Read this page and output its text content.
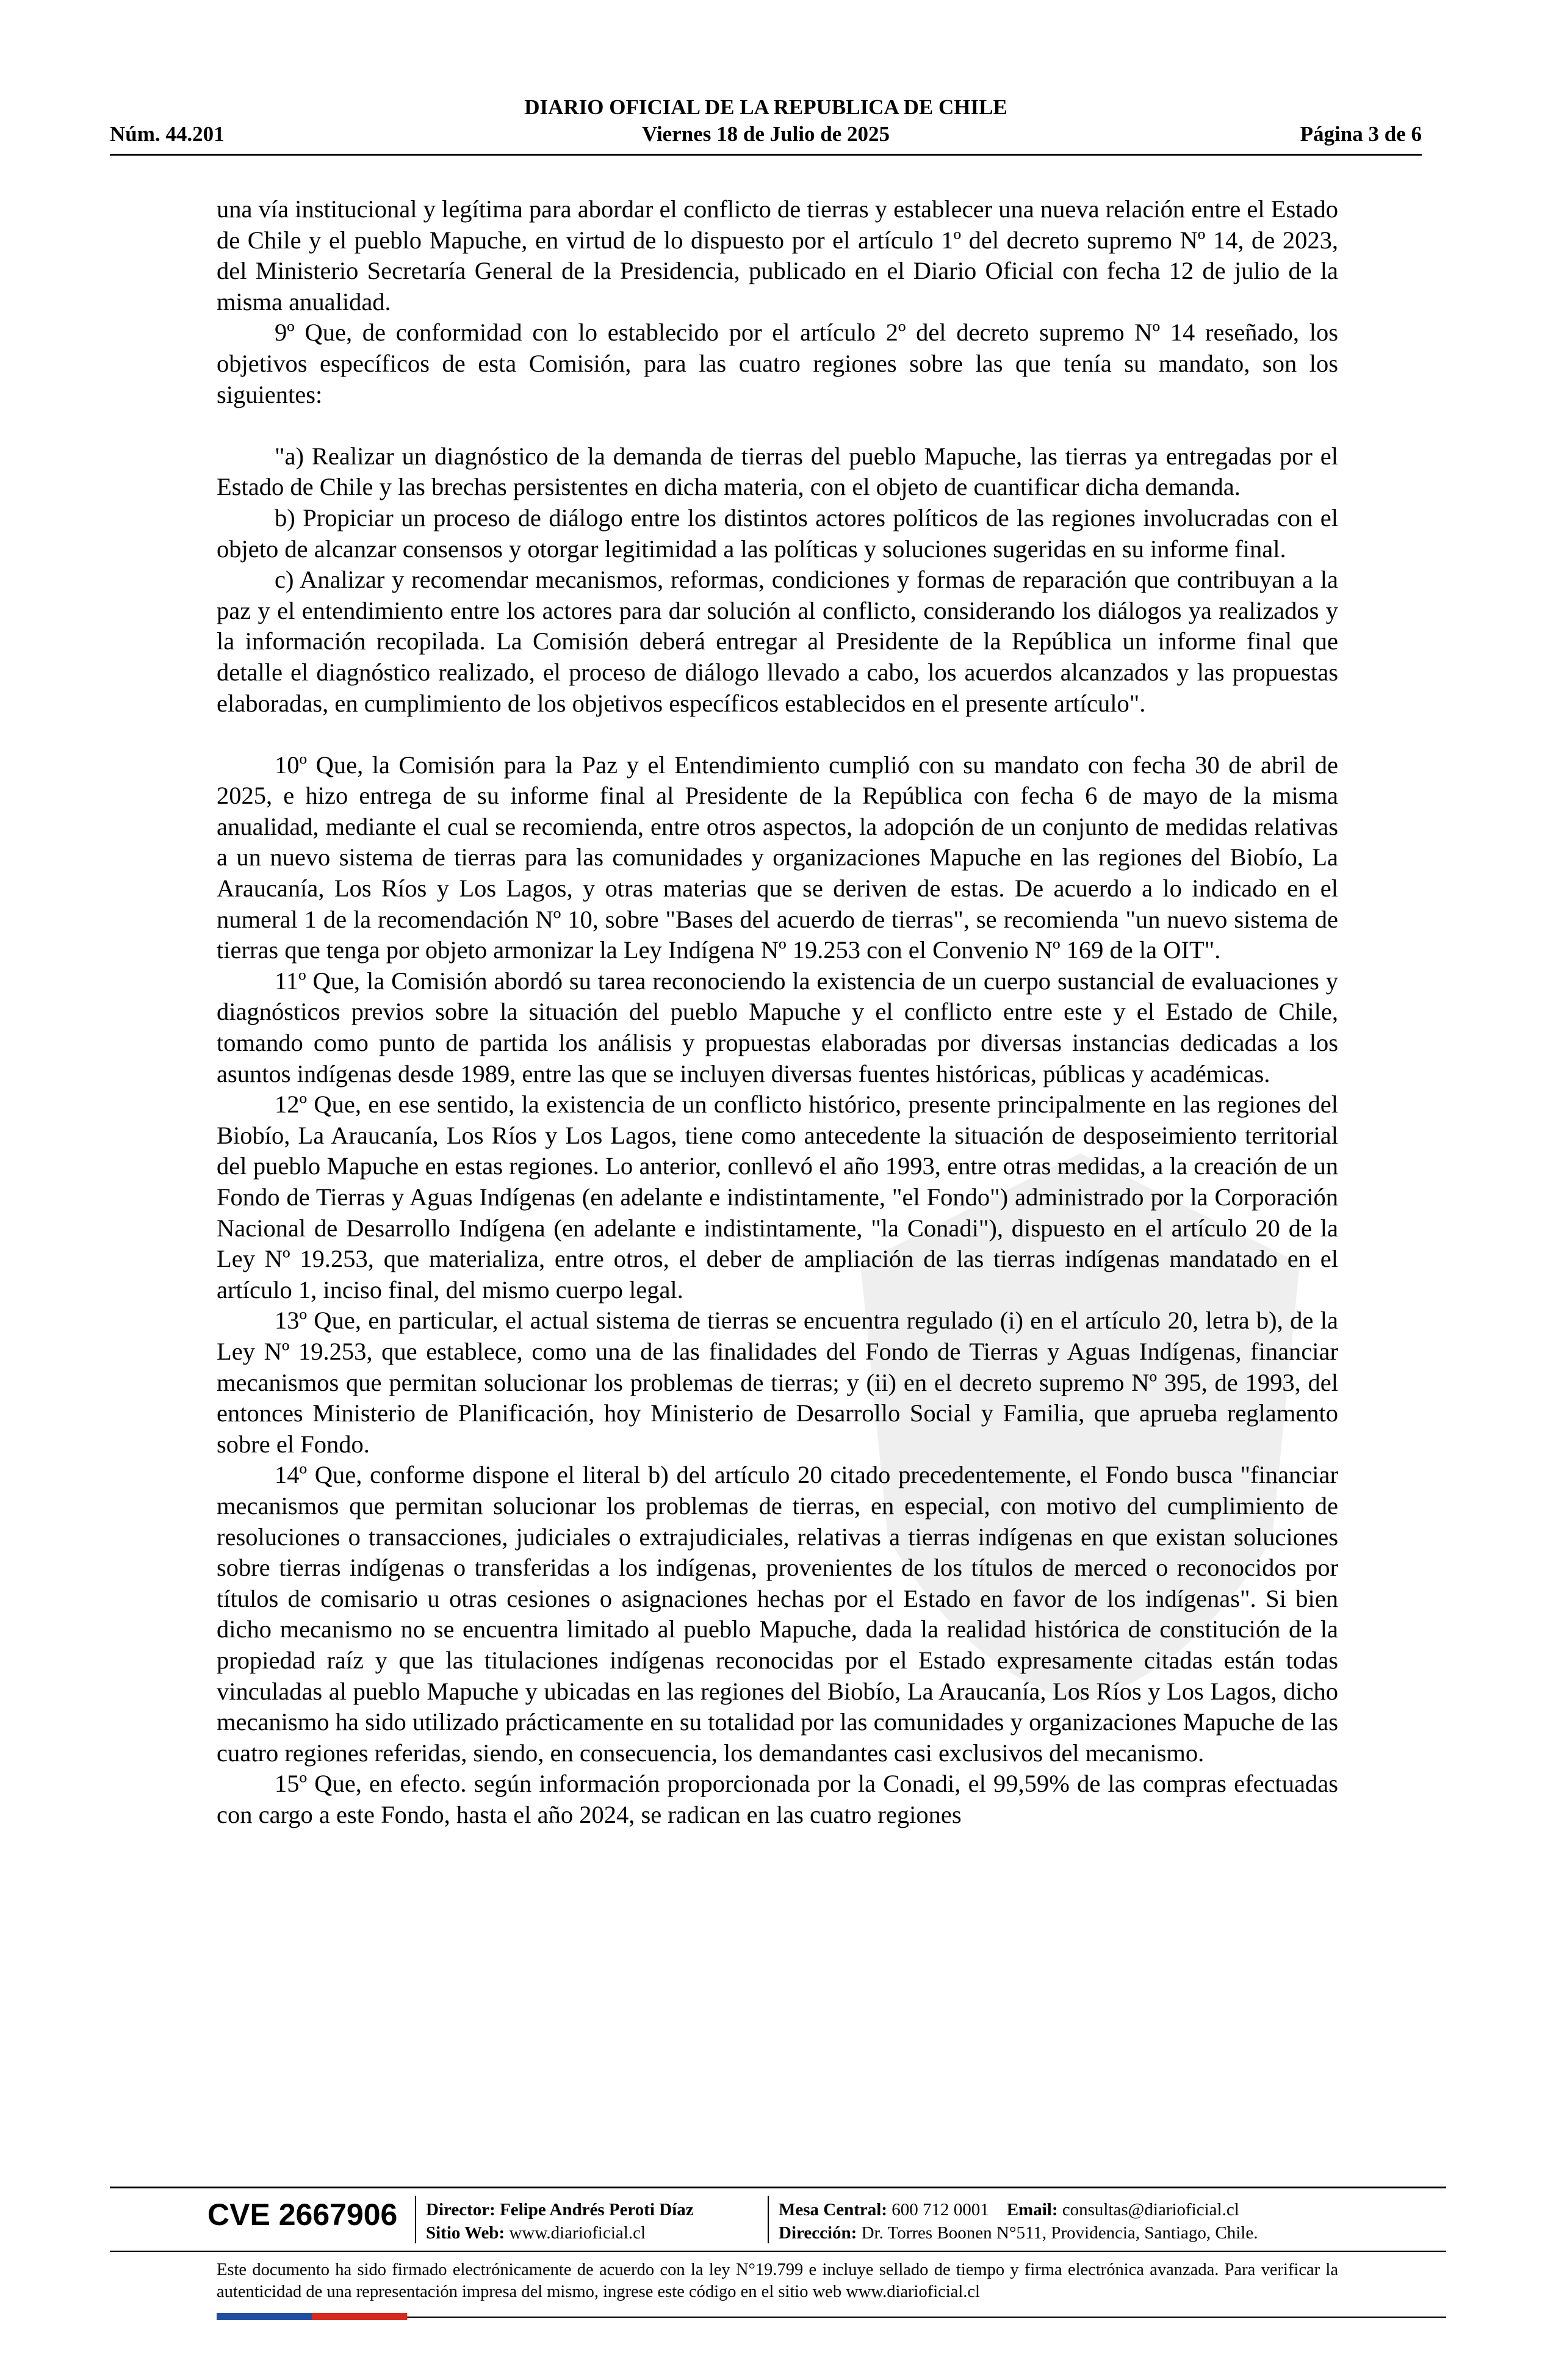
DIARIO OFICIAL DE LA REPUBLICA DE CHILE
Núm. 44.201	Viernes 18 de Julio de 2025	Página 3 de 6

una vía institucional y legítima para abordar el conflicto de tierras y establecer una nueva relación entre el Estado de Chile y el pueblo Mapuche, en virtud de lo dispuesto por el artículo 1º del decreto supremo Nº 14, de 2023, del Ministerio Secretaría General de la Presidencia, publicado en el Diario Oficial con fecha 12 de julio de la misma anualidad.

9º Que, de conformidad con lo establecido por el artículo 2º del decreto supremo Nº 14 reseñado, los objetivos específicos de esta Comisión, para las cuatro regiones sobre las que tenía su mandato, son los siguientes:

"a) Realizar un diagnóstico de la demanda de tierras del pueblo Mapuche, las tierras ya entregadas por el Estado de Chile y las brechas persistentes en dicha materia, con el objeto de cuantificar dicha demanda.

b) Propiciar un proceso de diálogo entre los distintos actores políticos de las regiones involucradas con el objeto de alcanzar consensos y otorgar legitimidad a las políticas y soluciones sugeridas en su informe final.

c) Analizar y recomendar mecanismos, reformas, condiciones y formas de reparación que contribuyan a la paz y el entendimiento entre los actores para dar solución al conflicto, considerando los diálogos ya realizados y la información recopilada. La Comisión deberá entregar al Presidente de la República un informe final que detalle el diagnóstico realizado, el proceso de diálogo llevado a cabo, los acuerdos alcanzados y las propuestas elaboradas, en cumplimiento de los objetivos específicos establecidos en el presente artículo".

10º Que, la Comisión para la Paz y el Entendimiento cumplió con su mandato con fecha 30 de abril de 2025, e hizo entrega de su informe final al Presidente de la República con fecha 6 de mayo de la misma anualidad, mediante el cual se recomienda, entre otros aspectos, la adopción de un conjunto de medidas relativas a un nuevo sistema de tierras para las comunidades y organizaciones Mapuche en las regiones del Biobío, La Araucanía, Los Ríos y Los Lagos, y otras materias que se deriven de estas. De acuerdo a lo indicado en el numeral 1 de la recomendación Nº 10, sobre "Bases del acuerdo de tierras", se recomienda "un nuevo sistema de tierras que tenga por objeto armonizar la Ley Indígena Nº 19.253 con el Convenio Nº 169 de la OIT".

11º Que, la Comisión abordó su tarea reconociendo la existencia de un cuerpo sustancial de evaluaciones y diagnósticos previos sobre la situación del pueblo Mapuche y el conflicto entre este y el Estado de Chile, tomando como punto de partida los análisis y propuestas elaboradas por diversas instancias dedicadas a los asuntos indígenas desde 1989, entre las que se incluyen diversas fuentes históricas, públicas y académicas.

12º Que, en ese sentido, la existencia de un conflicto histórico, presente principalmente en las regiones del Biobío, La Araucanía, Los Ríos y Los Lagos, tiene como antecedente la situación de desposeimiento territorial del pueblo Mapuche en estas regiones. Lo anterior, conllevó el año 1993, entre otras medidas, a la creación de un Fondo de Tierras y Aguas Indígenas (en adelante e indistintamente, "el Fondo") administrado por la Corporación Nacional de Desarrollo Indígena (en adelante e indistintamente, "la Conadi"), dispuesto en el artículo 20 de la Ley Nº 19.253, que materializa, entre otros, el deber de ampliación de las tierras indígenas mandatado en el artículo 1, inciso final, del mismo cuerpo legal.

13º Que, en particular, el actual sistema de tierras se encuentra regulado (i) en el artículo 20, letra b), de la Ley Nº 19.253, que establece, como una de las finalidades del Fondo de Tierras y Aguas Indígenas, financiar mecanismos que permitan solucionar los problemas de tierras; y (ii) en el decreto supremo Nº 395, de 1993, del entonces Ministerio de Planificación, hoy Ministerio de Desarrollo Social y Familia, que aprueba reglamento sobre el Fondo.

14º Que, conforme dispone el literal b) del artículo 20 citado precedentemente, el Fondo busca "financiar mecanismos que permitan solucionar los problemas de tierras, en especial, con motivo del cumplimiento de resoluciones o transacciones, judiciales o extrajudiciales, relativas a tierras indígenas en que existan soluciones sobre tierras indígenas o transferidas a los indígenas, provenientes de los títulos de merced o reconocidos por títulos de comisario u otras cesiones o asignaciones hechas por el Estado en favor de los indígenas". Si bien dicho mecanismo no se encuentra limitado al pueblo Mapuche, dada la realidad histórica de constitución de la propiedad raíz y que las titulaciones indígenas reconocidas por el Estado expresamente citadas están todas vinculadas al pueblo Mapuche y ubicadas en las regiones del Biobío, La Araucanía, Los Ríos y Los Lagos, dicho mecanismo ha sido utilizado prácticamente en su totalidad por las comunidades y organizaciones Mapuche de las cuatro regiones referidas, siendo, en consecuencia, los demandantes casi exclusivos del mecanismo.

15º Que, en efecto. según información proporcionada por la Conadi, el 99,59% de las compras efectuadas con cargo a este Fondo, hasta el año 2024, se radican en las cuatro regiones

CVE 2667906 Director: Felipe Andrés Peroti Díaz
Sitio Web: www.diarioficial.cl
Mesa Central: 600 712 0001 Email: consultas@diarioficial.cl
Dirección: Dr. Torres Boonen N°511, Providencia, Santiago, Chile.
Este documento ha sido firmado electrónicamente de acuerdo con la ley N°19.799 e incluye sellado de tiempo y firma electrónica avanzada. Para verificar la autenticidad de una representación impresa del mismo, ingrese este código en el sitio web www.diarioficial.cl
